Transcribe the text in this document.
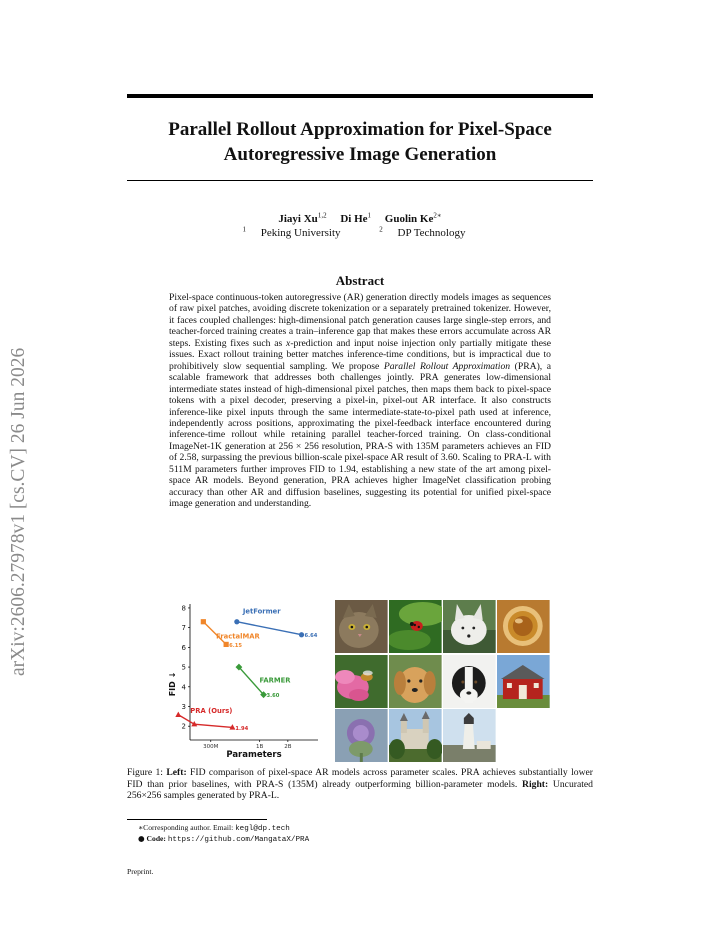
arXiv:2606.27978v1 [cs.CV] 26 Jun 2026
Parallel Rollout Approximation for Pixel-Space
Autoregressive Image Generation
Jiayi Xu$^{1,2}$ Di He$^1$ Guolin $Ke^{2∗}$
$^1$ Peking University	$^2$ DP Technology
Abstract
Pixel-space continuous-token autoregressive (AR) generation directly models images as sequences of raw pixel patches, avoiding discrete tokenization or a separately pretrained tokenizer. However, it faces coupled challenges: high-dimensional patch generation causes large single-step errors, and teacher-forced training creates a train–inference gap that makes these errors accumulate across AR steps. Existing fixes such as x-prediction and input noise injection only partially mitigate these issues. Exact rollout training better matches inference-time conditions, but is impractical due to prohibitively slow sequential sampling. We propose Parallel Rollout Approximation (PRA), a scalable framework that addresses both challenges jointly. PRA generates low-dimensional intermediate states instead of high-dimensional pixel patches, then maps them back to pixel-space tokens with a pixel decoder, preserving a pixel-in, pixel-out AR interface. It also constructs inference-like pixel inputs through the same intermediate-state-to-pixel path used at inference, independently across positions, approximating the pixel-feedback interface encountered during inference-time rollout while retaining parallel teacher-forced training. On class-conditional ImageNet-1K generation at 256 × 256 resolution, PRA-S with 135M parameters achieves an FID of 2.58, surpassing the previous billion-scale pixel-space AR result of 3.60. Scaling to PRA-L with 511M parameters further improves FID to 1.94, establishing a new state of the art among pixel-space AR models. Beyond generation, PRA achieves higher ImageNet classification probing accuracy than other AR and diffusion baselines, suggesting its potential for unified pixel-space image generation and understanding.
2
3
4
5
6
7
8
300M	1B	2B
Parameters
FID ↓
6.64
JetFormer
6.15
FractalMAR
3.60
FARMER
1.94
PRA (Ours)
Figure 1: Left: FID comparison of pixel-space AR models across parameter scales. PRA achieves substantially lower FID than prior baselines, with PRA-S (135M) already outperforming billion-parameter models. Right: Uncurated 256×256 samples generated by PRA-L.
∗Corresponding author. Email: kegl@dp.tech
● Code: https://github.com/MangataX/PRA
Preprint.
